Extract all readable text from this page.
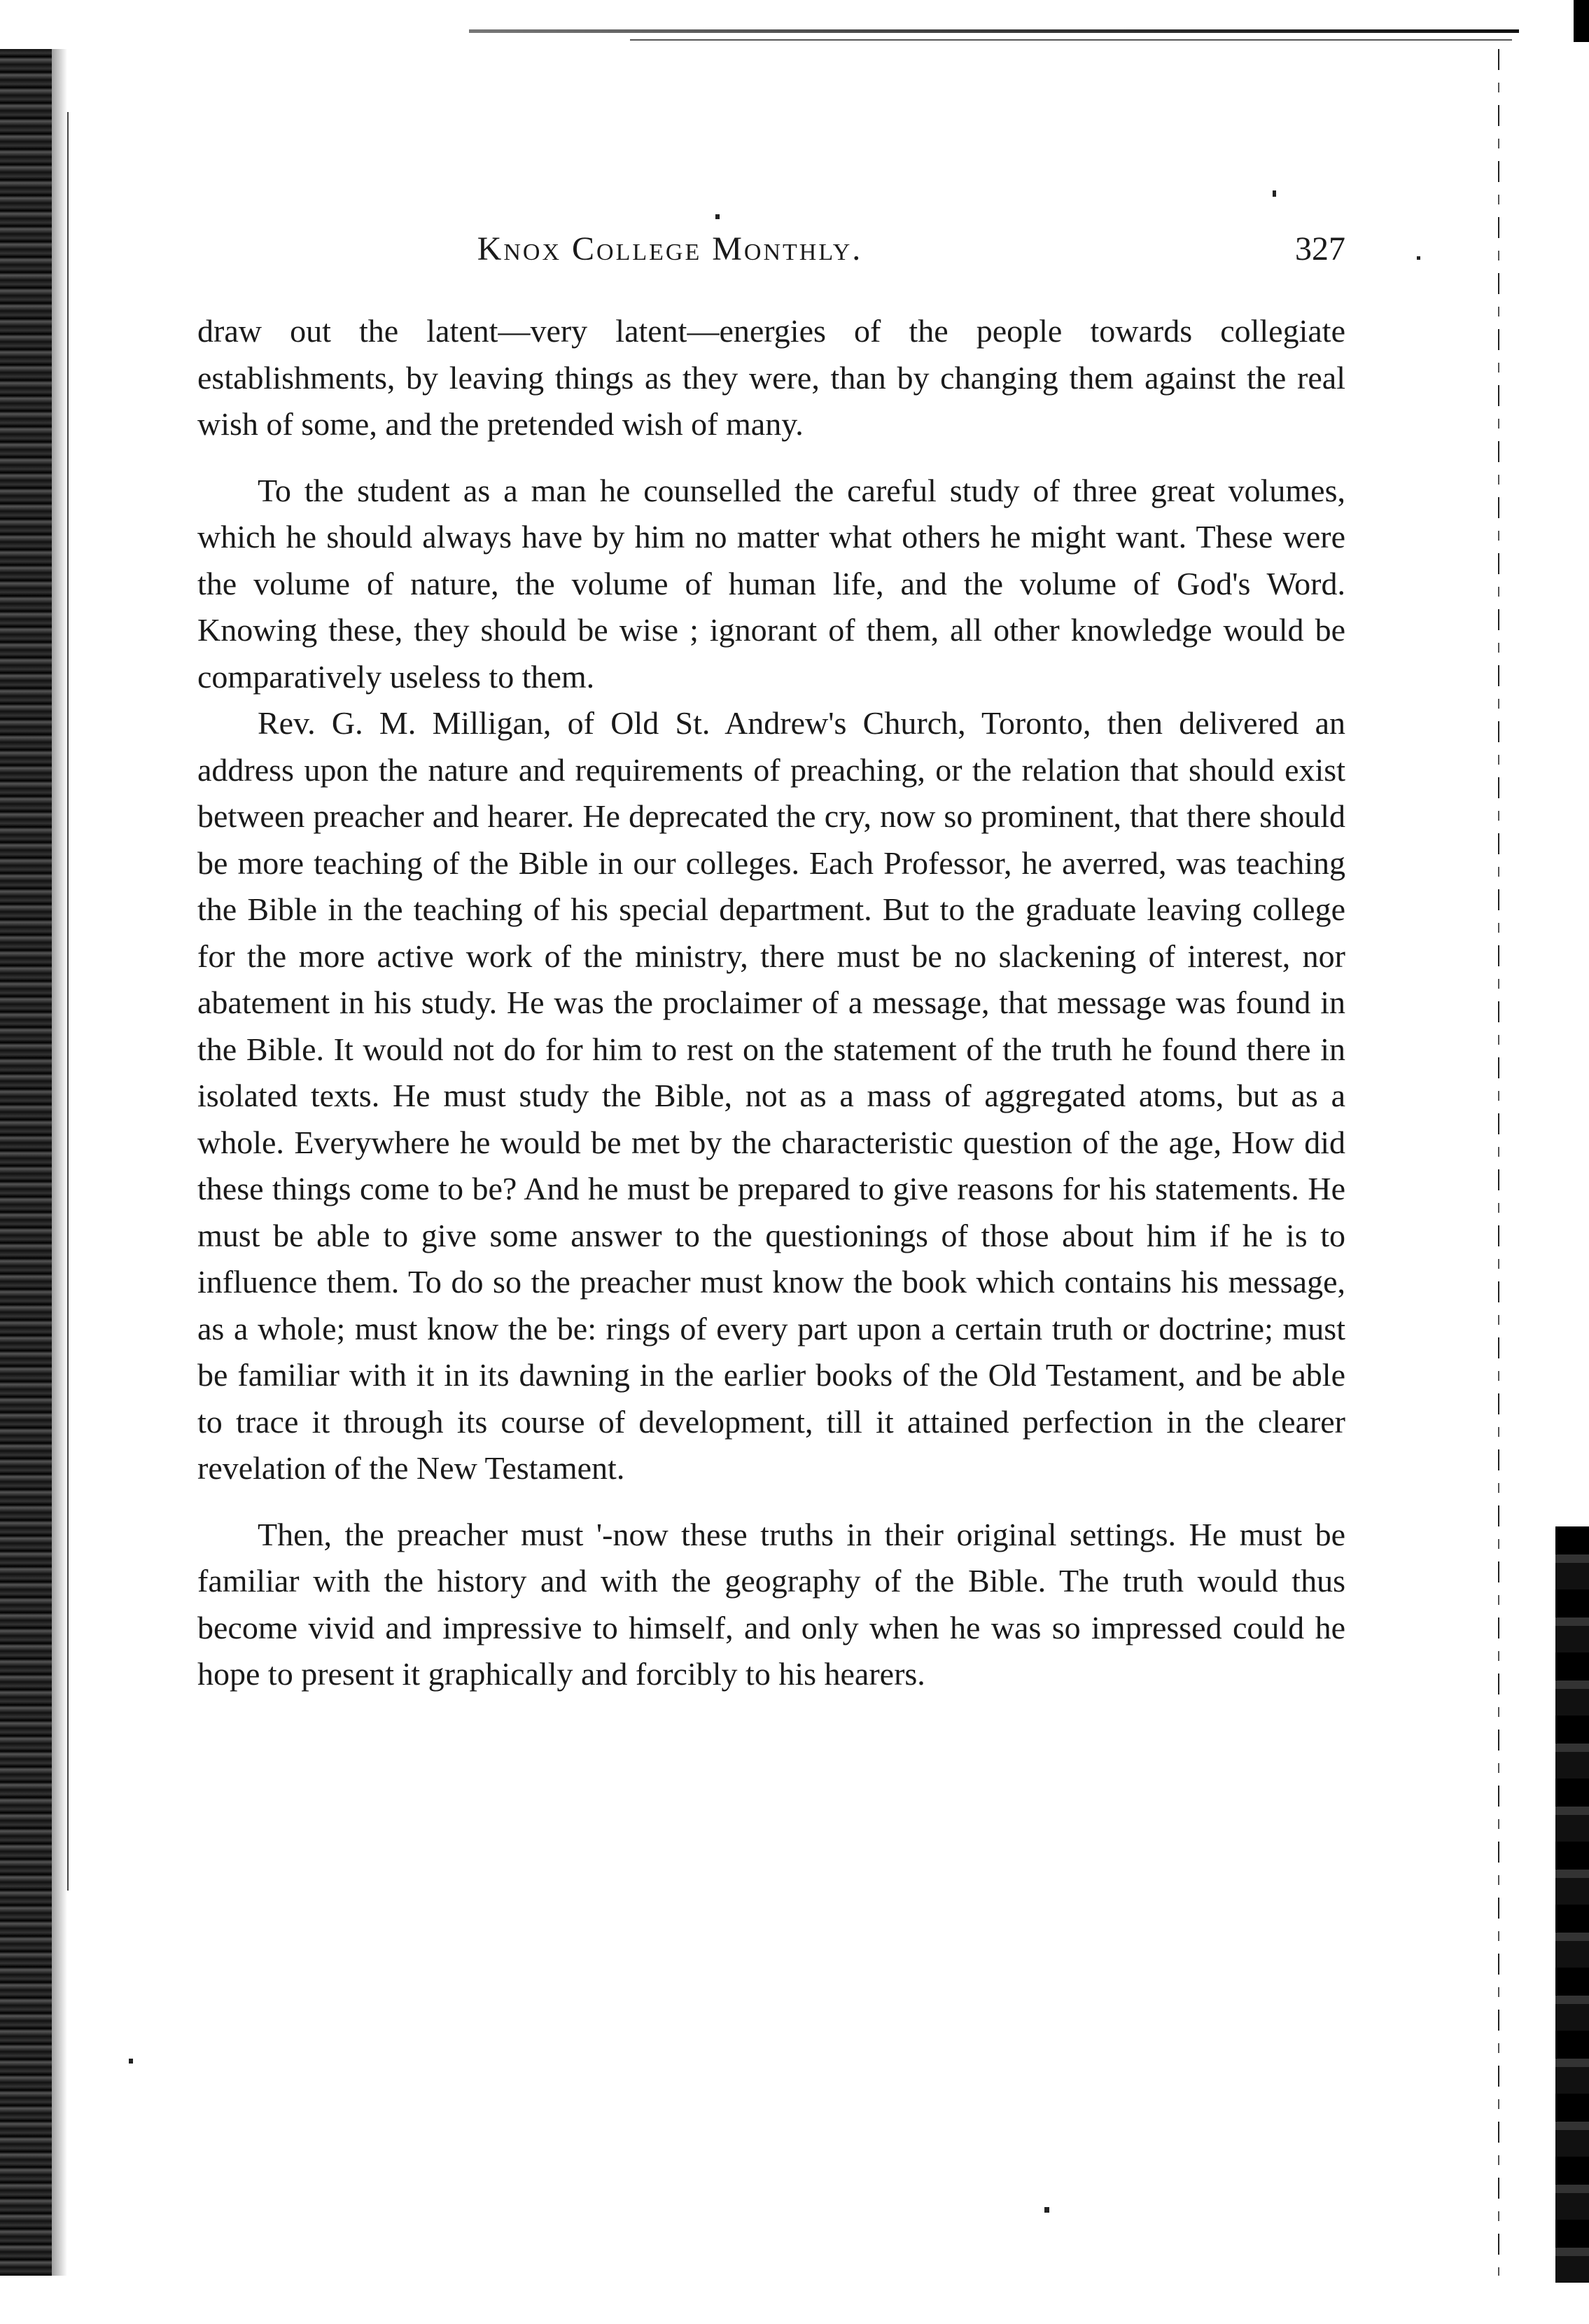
Knox College Monthly.	327

draw out the latent—very latent—energies of the people towards collegiate establishments, by leaving things as they were, than by changing them against the real wish of some, and the pretended wish of many.

To the student as a man he counselled the careful study of three great volumes, which he should always have by him no matter what others he might want. These were the volume of nature, the volume of human life, and the volume of God's Word. Knowing these, they should be wise ; ignorant of them, all other knowledge would be comparatively useless to them.

Rev. G. M. Milligan, of Old St. Andrew's Church, Toronto, then delivered an address upon the nature and requirements of preaching, or the relation that should exist between preacher and hearer. He deprecated the cry, now so prominent, that there should be more teaching of the Bible in our colleges. Each Professor, he averred, was teaching the Bible in the teaching of his special department. But to the graduate leaving college for the more active work of the ministry, there must be no slackening of interest, nor abatement in his study. He was the proclaimer of a message, that message was found in the Bible. It would not do for him to rest on the statement of the truth he found there in isolated texts. He must study the Bible, not as a mass of aggregated atoms, but as a whole. Everywhere he would be met by the characteristic question of the age, How did these things come to be? And he must be prepared to give reasons for his statements. He must be able to give some answer to the questionings of those about him if he is to influence them. To do so the preacher must know the book which contains his message, as a whole; must know the be: rings of every part upon a certain truth or doctrine; must be familiar with it in its dawning in the earlier books of the Old Testament, and be able to trace it through its course of development, till it attained perfection in the clearer revelation of the New Testament.

Then, the preacher must '-now these truths in their original settings. He must be familiar with the history and with the geography of the Bible. The truth would thus become vivid and impressive to himself, and only when he was so impressed could he hope to present it graphically and forcibly to his hearers.
